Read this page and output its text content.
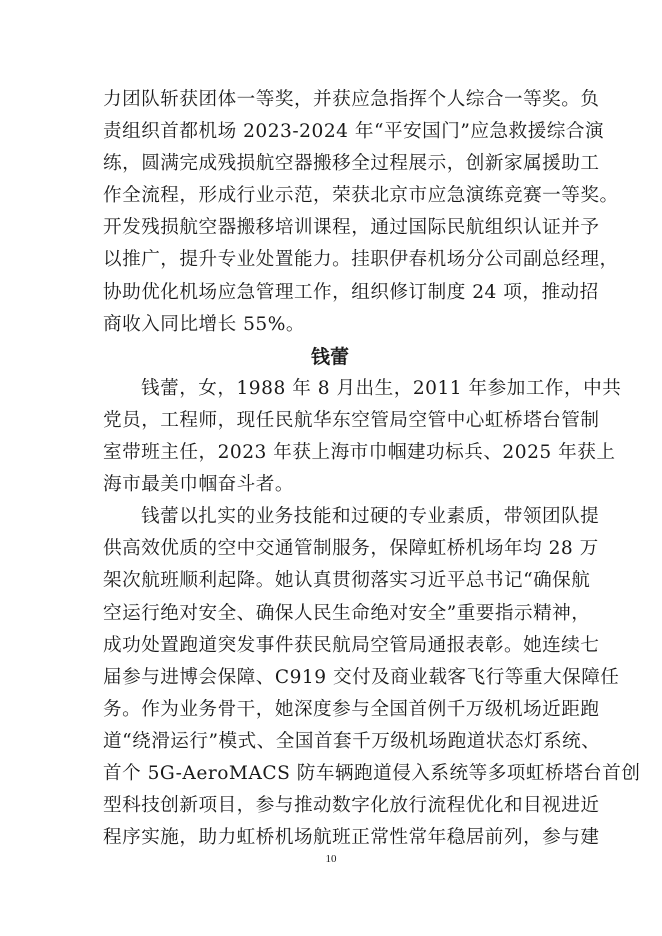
力团队斩获团体一等奖，并获应急指挥个人综合一等奖。负
责组织首都机场 2023-2024 年“平安国门”应急救援综合演
练，圆满完成残损航空器搬移全过程展示，创新家属援助工
作全流程，形成行业示范，荣获北京市应急演练竞赛一等奖。
开发残损航空器搬移培训课程，通过国际民航组织认证并予
以推广，提升专业处置能力。挂职伊春机场分公司副总经理，
协助优化机场应急管理工作，组织修订制度 24 项，推动招
商收入同比增长 55%。
钱蕾
钱蕾，女，1988 年 8 月出生，2011 年参加工作，中共
党员，工程师，现任民航华东空管局空管中心虹桥塔台管制
室带班主任，2023 年获上海市巾帼建功标兵、2025 年获上
海市最美巾帼奋斗者。
钱蕾以扎实的业务技能和过硬的专业素质，带领团队提
供高效优质的空中交通管制服务，保障虹桥机场年均 28 万
架次航班顺利起降。她认真贯彻落实习近平总书记“确保航
空运行绝对安全、确保人民生命绝对安全”重要指示精神，
成功处置跑道突发事件获民航局空管局通报表彰。她连续七
届参与进博会保障、C919 交付及商业载客飞行等重大保障任
务。作为业务骨干，她深度参与全国首例千万级机场近距跑
道“绕滑运行”模式、全国首套千万级机场跑道状态灯系统、
首个 5G-AeroMACS 防车辆跑道侵入系统等多项虹桥塔台首创
型科技创新项目，参与推动数字化放行流程优化和目视进近
程序实施，助力虹桥机场航班正常性常年稳居前列，参与建
10
